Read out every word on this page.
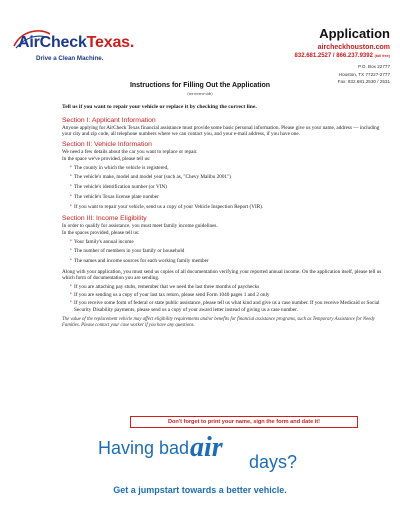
AirCheckTexas.
Drive a Clean Machine.
Application
aircheckhouston.com
832.681.2527 / 866.237.9392 (toll free)
P.O. Box 22777
Houston, TX 77227-2777
Fax: 832.681.2530 / 2531
Instructions for Filling Out the Application
(see reverse side)
Tell us if you want to repair your vehicle or replace it by checking the correct line.
Section I: Applicant Information
Anyone applying for AirCheck Texas financial assistance must provide some basic personal information. Please give us your name, address — including your city and zip code, all telephone numbers where we can contact you, and your e-mail address, if you have one.
Section II: Vehicle Information
We need a few details about the car you want to replace or repair.
In the space we've provided, please tell us:
• The county in which the vehicle is registered,
• The vehicle's make, model and model year (such as, "Chevy Malibu 2001")
• The vehicle's identification number (or VIN)
• The vehicle's Texas license plate number
• If you want to repair your vehicle, send us a copy of your Vehicle Inspection Report (VIR).
Section III: Income Eligibility
In order to qualify for assistance, you must meet family income guidelines.
In the spaces provided, please tell us:
• Your family's annual income
• The number of members in your family or household
• The names and income sources for each working family member
Along with your application, you must send us copies of all documentation verifying your reported annual income. On the application itself, please tell us which form of documentation you are sending.
• If you are attaching pay stubs, remember that we need the last three months of paychecks
• If you are sending us a copy of your last tax return, please send Form 1040 pages 1 and 2 only
• If you receive some form of federal or state public assistance, please tell us what kind and give us a case number. If you receive Medicaid or Social Security Disability payments, please send us a copy of your award letter instead of giving us a case number.
The value of the replacement vehicle may affect eligibility requirements and/or benefits for financial assistance programs, such as Temporary Assistance for Needy Families. Please contact your case worker if you have any questions.
Don't forget to print your name, sign the form and date it!
Having bad air days?
Get a jumpstart towards a better vehicle.
